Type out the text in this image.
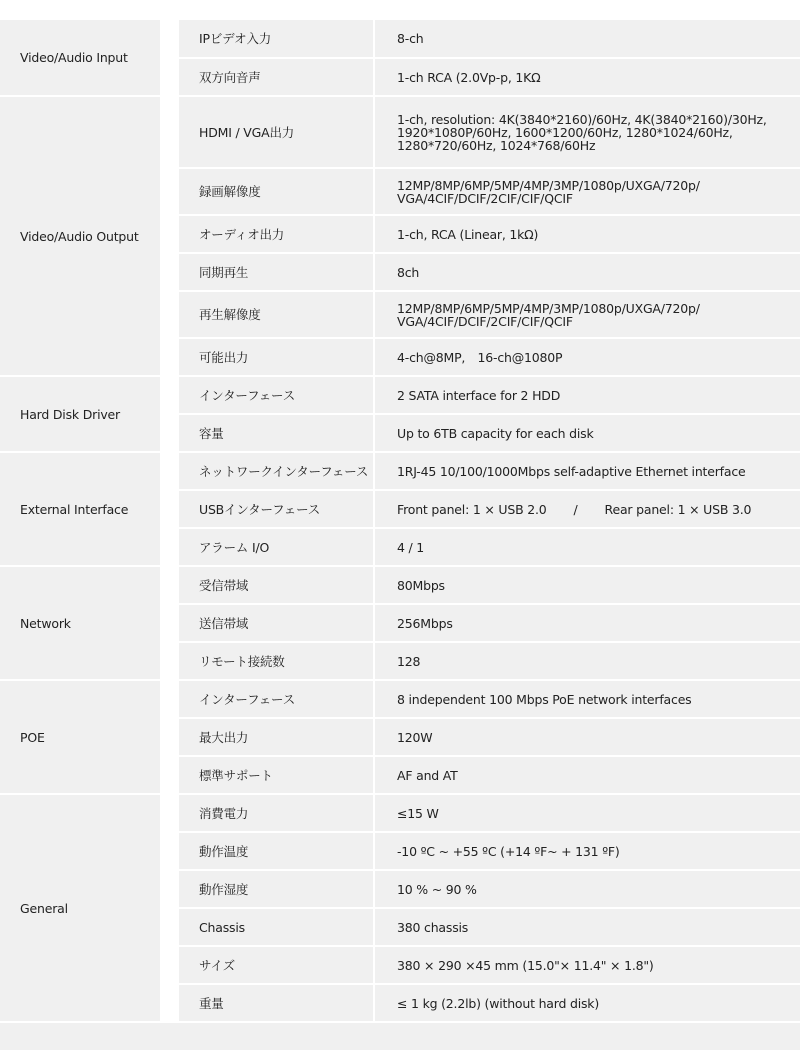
Video/Audio Input	IPビデオ入力	8-ch
	双方向音声	1-ch RCA (2.0Vp-p, 1KΩ
Video/Audio Output	HDMI / VGA出力	1-ch, resolution: 4K(3840*2160)/60Hz, 4K(3840*2160)/30Hz,
1920*1080P/60Hz, 1600*1200/60Hz, 1280*1024/60Hz,
1280*720/60Hz, 1024*768/60Hz

	録画解像度	12MP/8MP/6MP/5MP/4MP/3MP/1080p/UXGA/720p/
VGA/4CIF/DCIF/2CIF/CIF/QCIF

	オーディオ出力	1-ch, RCA (Linear, 1kΩ)
	同期再生	8ch
	再生解像度	12MP/8MP/6MP/5MP/4MP/3MP/1080p/UXGA/720p/
VGA/4CIF/DCIF/2CIF/CIF/QCIF

	可能出力	4-ch@8MP,　16-ch@1080P
Hard Disk Driver	インターフェース	2 SATA interface for 2 HDD
	容量	Up to 6TB capacity for each disk
External Interface	ネットワークインターフェース	1RJ-45 10/100/1000Mbps self-adaptive Ethernet interface
	USBインターフェース	Front panel: 1 × USB 2.0 / Rear panel: 1 × USB 3.0
	アラーム I/O	4 / 1
Network	受信帯域	80Mbps
	送信帯域	256Mbps
	リモート接続数	128
POE	インターフェース	8 independent 100 Mbps PoE network interfaces
	最大出力	120W
	標準サポート	AF and AT
General	消費電力	≤15 W
	動作温度	-10 ºC ~ +55 ºC (+14 ºF~ + 131 ºF)
	動作湿度	10 % ~ 90 %
	Chassis	380 chassis
	サイズ	380 × 290 ×45 mm (15.0"× 11.4" × 1.8")
	重量	≤ 1 kg (2.2lb) (without hard disk)
